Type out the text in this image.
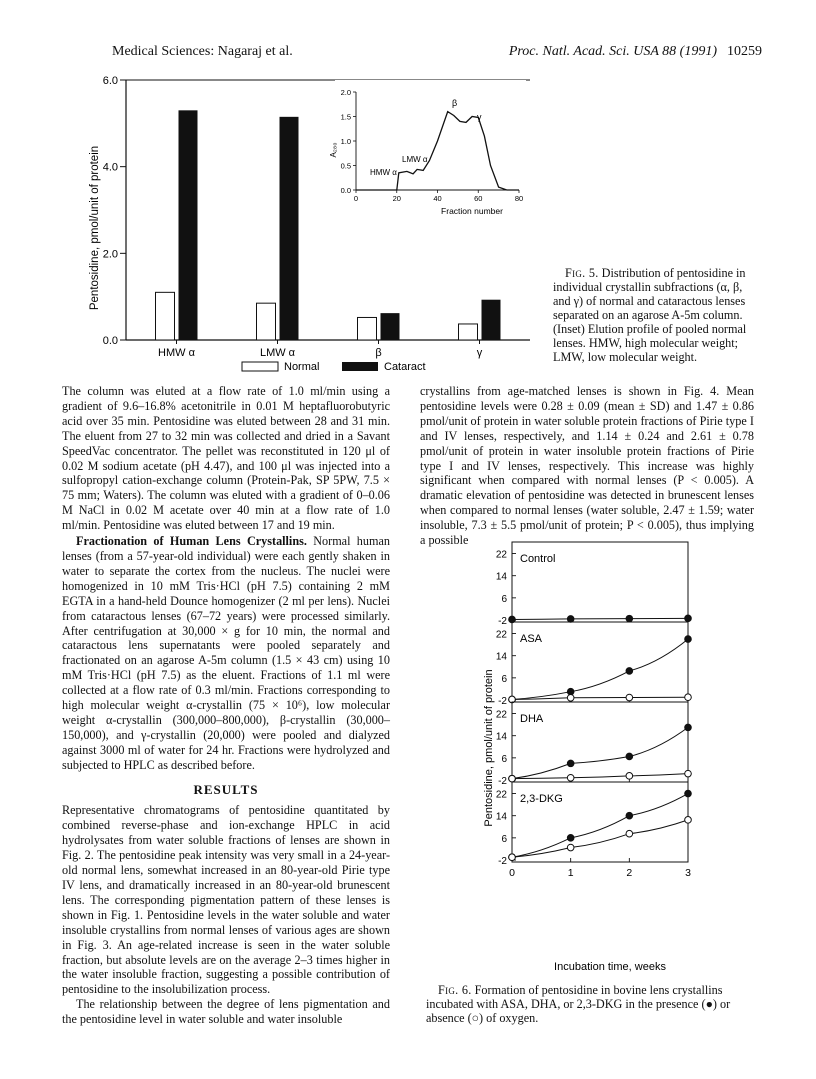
Medical Sciences: Nagaraj et al.	Proc. Natl. Acad. Sci. USA 88 (1991) 10259
Pentosidine, pmol/unit of protein
0.0
2.0
4.0
6.0
HMW α	LMW α	β	γ
Normal	Cataract
A₂₈₀
0.0
0.5
1.0
1.5
2.0
0	20	40	60	80
HMW α
LMW α
β
γ
Fraction number
Fig. 5. Distribution of pentosidine in individual crystallin subfractions (α, β, and γ) of normal and cataractous lenses separated on an agarose A-5m column. (Inset) Elution profile of pooled normal lenses. HMW, high molecular weight; LMW, low molecular weight.

The column was eluted at a flow rate of 1.0 ml/min using a gradient of 9.6–16.8% acetonitrile in 0.01 M heptafluorobutyric acid over 35 min. Pentosidine was eluted between 28 and 31 min. The eluent from 27 to 32 min was collected and dried in a Savant SpeedVac concentrator. The pellet was reconstituted in 120 μl of 0.02 M sodium acetate (pH 4.47), and 100 μl was injected into a sulfopropyl cation-exchange column (Protein-Pak, SP 5PW, 7.5 × 75 mm; Waters). The column was eluted with a gradient of 0–0.06 M NaCl in 0.02 M acetate over 40 min at a flow rate of 1.0 ml/min. Pentosidine was eluted between 17 and 19 min.

Fractionation of Human Lens Crystallins. Normal human lenses (from a 57-year-old individual) were each gently shaken in water to separate the cortex from the nucleus. The nuclei were homogenized in 10 mM Tris·HCl (pH 7.5) containing 2 mM EGTA in a hand-held Dounce homogenizer (2 ml per lens). Nuclei from cataractous lenses (67–72 years) were processed similarly. After centrifugation at 30,000 × g for 10 min, the normal and cataractous lens supernatants were pooled separately and fractionated on an agarose A-5m column (1.5 × 43 cm) using 10 mM Tris·HCl (pH 7.5) as the eluent. Fractions of 1.1 ml were collected at a flow rate of 0.3 ml/min. Fractions corresponding to high molecular weight α-crystallin (75 × 10⁶), low molecular weight α-crystallin (300,000–800,000), β-crystallin (30,000–150,000), and γ-crystallin (20,000) were pooled and dialyzed against 3000 ml of water for 24 hr. Fractions were hydrolyzed and subjected to HPLC as described before.

RESULTS

Representative chromatograms of pentosidine quantitated by combined reverse-phase and ion-exchange HPLC in acid hydrolysates from water soluble fractions of lenses are shown in Fig. 2. The pentosidine peak intensity was very small in a 24-year-old normal lens, somewhat increased in an 80-year-old Pirie type IV lens, and dramatically increased in an 80-year-old brunescent lens. The corresponding pigmentation pattern of these lenses is shown in Fig. 1. Pentosidine levels in the water soluble and water insoluble crystallins from normal lenses of various ages are shown in Fig. 3. An age-related increase is seen in the water soluble fraction, but absolute levels are on the average 2–3 times higher in the water insoluble fraction, suggesting a possible contribution of pentosidine to the insolubilization process.

The relationship between the degree of lens pigmentation and the pentosidine level in water soluble and water insoluble

crystallins from age-matched lenses is shown in Fig. 4. Mean pentosidine levels were 0.28 ± 0.09 (mean ± SD) and 1.47 ± 0.86 pmol/unit of protein in water soluble protein fractions of Pirie type I and IV lenses, respectively, and 1.14 ± 0.24 and 2.61 ± 0.78 pmol/unit of protein in water insoluble protein fractions of Pirie type I and IV lenses, respectively. This increase was highly significant when compared with normal lenses (P < 0.005). A dramatic elevation of pentosidine was detected in brunescent lenses when compared to normal lenses (water soluble, 2.47 ± 1.59; water insoluble, 7.3 ± 5.5 pmol/unit of protein; P < 0.005), thus implying a possible

Pentosidine, pmol/unit of protein
Control
-2
6
14
22
ASA
-2
6
14
22
DHA
-2
6
14
22
2,3-DKG
-2
6
14
22
0	1	2	3
Incubation time, weeks
Fig. 6. Formation of pentosidine in bovine lens crystallins incubated with ASA, DHA, or 2,3-DKG in the presence (●) or absence (○) of oxygen.
